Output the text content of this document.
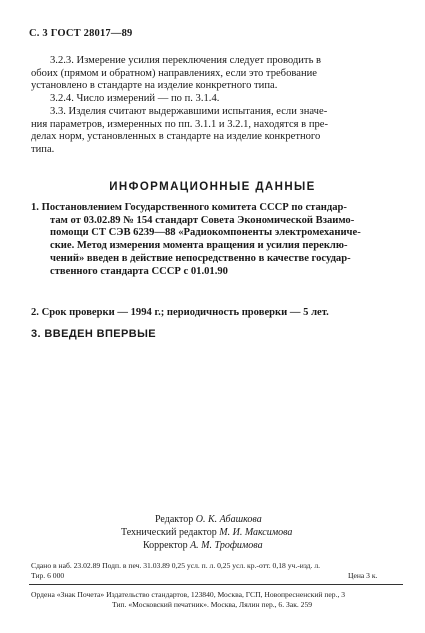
С. 3 ГОСТ 28017—89
3.2.3. Измерение усилия переключения следует проводить в
обоих (прямом и обратном) направлениях, если это требование
установлено в стандарте на изделие конкретного типа.
3.2.4. Число измерений — по п. 3.1.4.
3.3. Изделия считают выдержавшими испытания, если значе-
ния параметров, измеренных по пп. 3.1.1 и 3.2.1, находятся в пре-
делах норм, установленных в стандарте на изделие конкретного
типа.
ИНФОРМАЦИОННЫЕ ДАННЫЕ
1. Постановлением Государственного комитета СССР по стандар-
там от 03.02.89 № 154 стандарт Совета Экономической Взаимо-
помощи СТ СЭВ 6239—88 «Радиокомпоненты электромеханиче-
ские. Метод измерения момента вращения и усилия переклю-
чений» введен в действие непосредственно в качестве государ-
ственного стандарта СССР с 01.01.90
2. Срок проверки — 1994 г.; периодичность проверки — 5 лет.
3. ВВЕДЕН ВПЕРВЫЕ
Редактор О. К. Абашкова
Технический редактор М. И. Максимова
Корректор А. М. Трофимова
Сдано в наб. 23.02.89 Подп. в печ. 31.03.89 0,25 усл. п. л. 0,25 усл. кр.-отт. 0,18 уч.-изд. л.
Тир. 6 000	Цена 3 к.
Ордена «Знак Почета» Издательство стандартов, 123840, Москва, ГСП, Новопресненский пер., 3
Тип. «Московский печатник». Москва, Лялин пер., 6. Зак. 259
